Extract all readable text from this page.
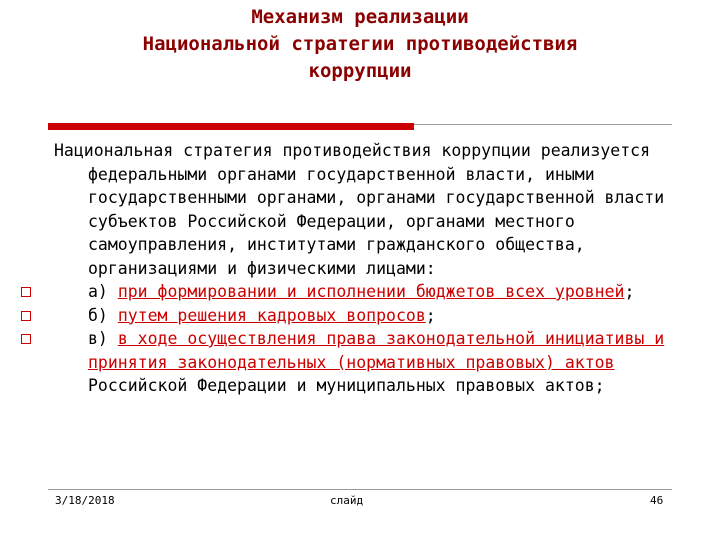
Механизм реализации
Национальной стратегии противодействия
коррупции

Национальная стратегия противодействия коррупции реализуется федеральными органами государственной власти, иными государственными органами, органами государственной власти субъектов Российской Федерации, органами местного самоуправления, институтами гражданского общества, организациями и физическими лицами:

а) при формировании и исполнении бюджетов всех уровней;

б) путем решения кадровых вопросов;

в) в ходе осуществления права законодательной инициативы и принятия законодательных (нормативных правовых) актов Российской Федерации и муниципальных правовых актов;

3/18/2018	слайд	46
